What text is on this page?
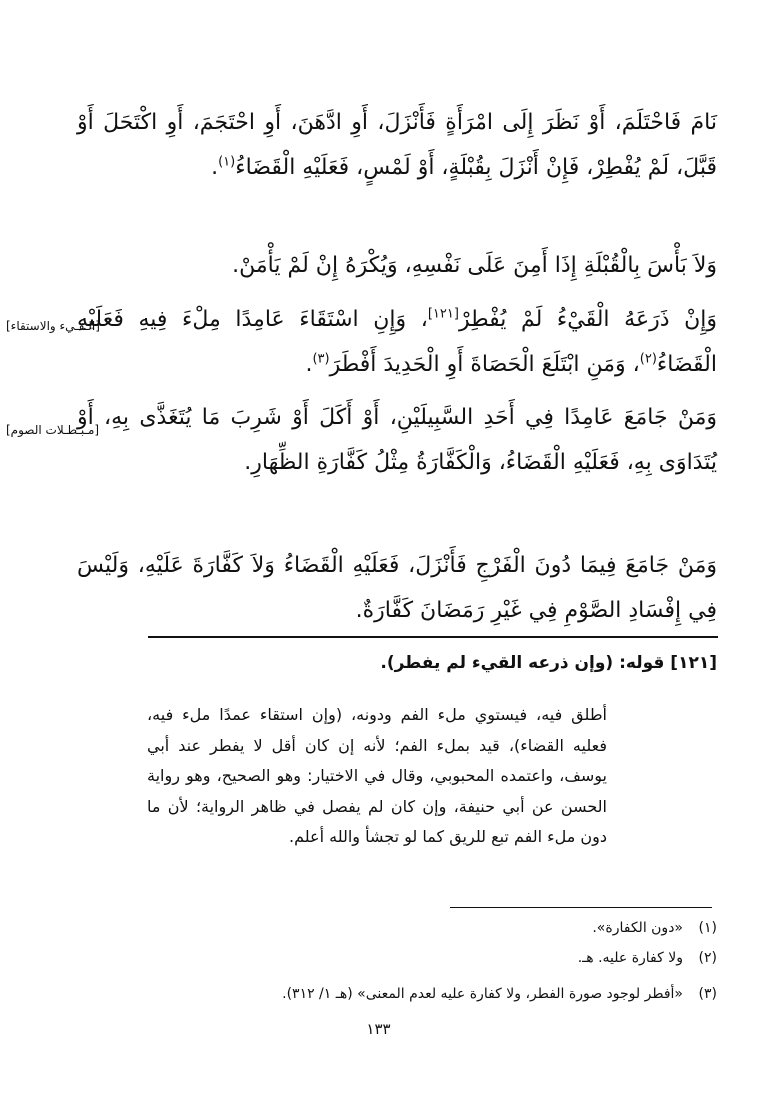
نَامَ فَاحْتَلَمَ، أَوْ نَظَرَ إِلَى امْرَأَةٍ فَأَنْزَلَ، أَوِ ادَّهَنَ، أَوِ احْتَجَمَ، أَوِ اكْتَحَلَ أَوْ قَبَّلَ، لَمْ يُفْطِرْ، فَإِنْ أَنْزَلَ بِقُبْلَةٍ، أَوْ لَمْسٍ، فَعَلَيْهِ الْقَضَاءُ$^{(١)}$.

وَلاَ بَأْسَ بِالْقُبْلَةِ إِذَا أَمِنَ عَلَى نَفْسِهِ، وَيُكْرَهُ إِنْ لَمْ يَأْمَنْ.

وَإِنْ ذَرَعَهُ الْقَيْءُ لَمْ يُفْطِرْ[١٢١]، وَإِنِ اسْتَقَاءَ عَامِدًا مِلْءَ فِيهِ فَعَلَيْهِ الْقَضَاءُ$^{(٢)}$، وَمَنِ ابْتَلَعَ الْحَصَاةَ أَوِ الْحَدِيدَ أَفْطَرَ$^{(٣)}$.

وَمَنْ جَامَعَ عَامِدًا فِي أَحَدِ السَّبِيلَيْنِ، أَوْ أَكَلَ أَوْ شَرِبَ مَا يُتَغَذَّى بِهِ، أَوْ يُتَدَاوَى بِهِ، فَعَلَيْهِ الْقَضَاءُ، وَالْكَفَّارَةُ مِثْلُ كَفَّارَةِ الظِّهَارِ.

وَمَنْ جَامَعَ فِيمَا دُونَ الْفَرْجِ فَأَنْزَلَ، فَعَلَيْهِ الْقَضَاءُ وَلاَ كَفَّارَةَ عَلَيْهِ، وَلَيْسَ فِي إِفْسَادِ الصَّوْمِ فِي غَيْرِ رَمَضَانَ كَفَّارَةٌ.

[الـقـيء والاستقاء]
[مـبـطـلات الصوم]
[١٢١] قوله: (وإن ذرعه القيء لم يفطر).

أطلق فيه، فيستوي ملء الفم ودونه، (وإن استقاء عمدًا ملء فيه، فعليه القضاء)، قيد بملء الفم؛ لأنه إن كان أقل لا يفطر عند أبي يوسف، واعتمده المحبوبي، وقال في الاختيار: وهو الصحيح، وهو رواية الحسن عن أبي حنيفة، وإن كان لم يفصل في ظاهر الرواية؛ لأن ما دون ملء الفم تبع للريق كما لو تجشأ والله أعلم.

(١)«دون الكفارة».
(٢)ولا كفارة عليه. هـ.
(٣)«أفطر لوجود صورة الفطر، ولا كفارة عليه لعدم المعنى» (هـ ١/ ٣١٢).
١٣٣
